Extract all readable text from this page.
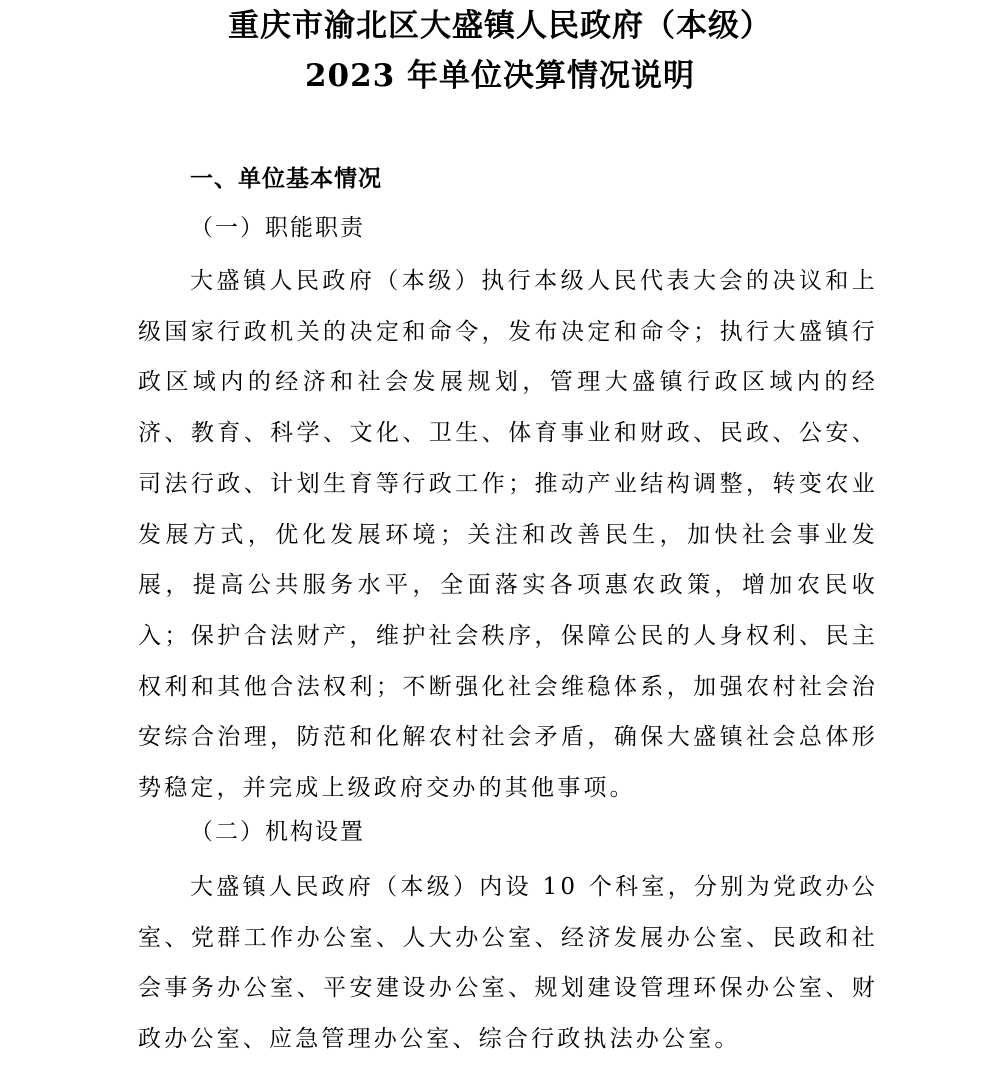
重庆市渝北区大盛镇人民政府（本级）
2023 年单位决算情况说明
一、单位基本情况
（一）职能职责
大盛镇人民政府（本级）执行本级人民代表大会的决议和上级国家行政机关的决定和命令，发布决定和命令；执行大盛镇行政区域内的经济和社会发展规划，管理大盛镇行政区域内的经济、教育、科学、文化、卫生、体育事业和财政、民政、公安、司法行政、计划生育等行政工作；推动产业结构调整，转变农业发展方式，优化发展环境；关注和改善民生，加快社会事业发展，提高公共服务水平，全面落实各项惠农政策，增加农民收入；保护合法财产，维护社会秩序，保障公民的人身权利、民主权利和其他合法权利；不断强化社会维稳体系，加强农村社会治安综合治理，防范和化解农村社会矛盾，确保大盛镇社会总体形势稳定，并完成上级政府交办的其他事项。
（二）机构设置
大盛镇人民政府（本级）内设 10 个科室，分别为党政办公室、党群工作办公室、人大办公室、经济发展办公室、民政和社会事务办公室、平安建设办公室、规划建设管理环保办公室、财政办公室、应急管理办公室、综合行政执法办公室。
